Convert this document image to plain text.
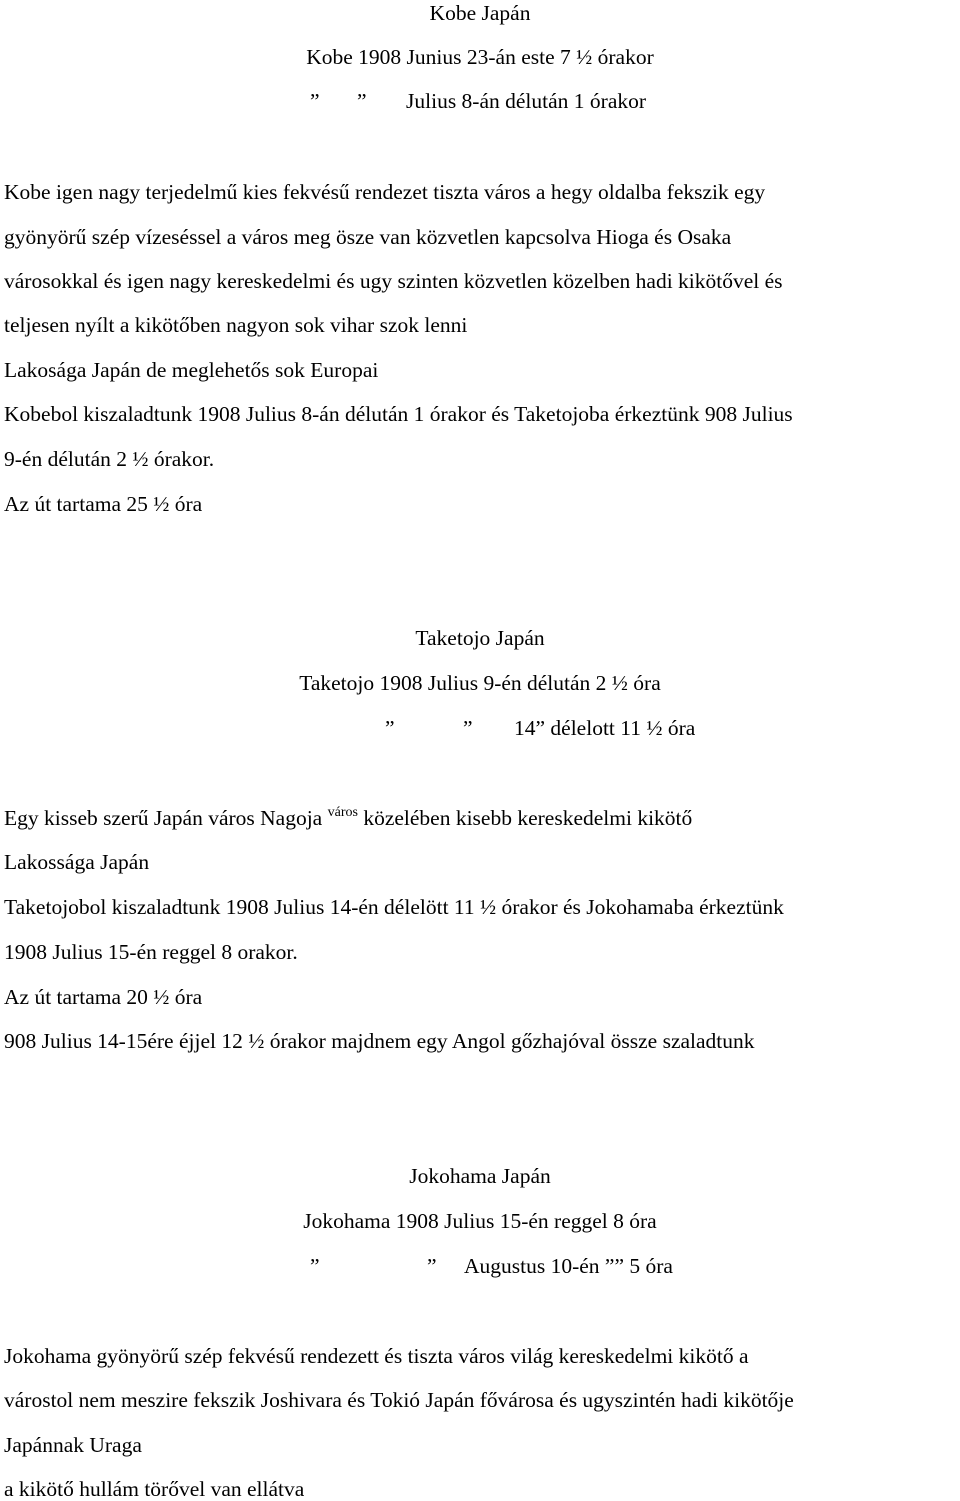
Kobe Japán
Kobe 1908 Junius 23-án este 7 ½ órakor
” ” Julius 8-án délután 1 órakor
Kobe igen nagy terjedelmű kies fekvésű rendezet tiszta város a hegy oldalba fekszik egy
gyönyörű szép vízeséssel a város meg ösze van közvetlen kapcsolva Hioga és Osaka
városokkal és igen nagy kereskedelmi és ugy szinten közvetlen közelben hadi kikötővel és
teljesen nyílt a kikötőben nagyon sok vihar szok lenni
Lakosága Japán de meglehetős sok Europai
Kobebol kiszaladtunk 1908 Julius 8-án délután 1 órakor és Taketojoba érkeztünk 908 Julius
9-én délután 2 ½ órakor.
Az út tartama 25 ½ óra
Taketojo Japán
Taketojo 1908 Julius 9-én délután 2 ½ óra
”	” 14” délelott 11 ½ óra
Egy kisseb szerű Japán város Nagoja $^{város}$ közelében kisebb kereskedelmi kikötő
Lakossága Japán
Taketojobol kiszaladtunk 1908 Julius 14-én délelött 11 ½ órakor és Jokohamaba érkeztünk
1908 Julius 15-én reggel 8 orakor.
Az út tartama 20 ½ óra
908 Julius 14-15ére éjjel 12 ½ órakor majdnem egy Angol gőzhajóval össze szaladtunk
Jokohama Japán
Jokohama 1908 Julius 15-én reggel 8 óra
”	” Augustus 10-én ”” 5 óra
Jokohama gyönyörű szép fekvésű rendezett és tiszta város világ kereskedelmi kikötő a
várostol nem meszire fekszik Joshivara és Tokió Japán fővárosa és ugyszintén hadi kikötője
Japánnak Uraga
a kikötő hullám törővel van ellátva
